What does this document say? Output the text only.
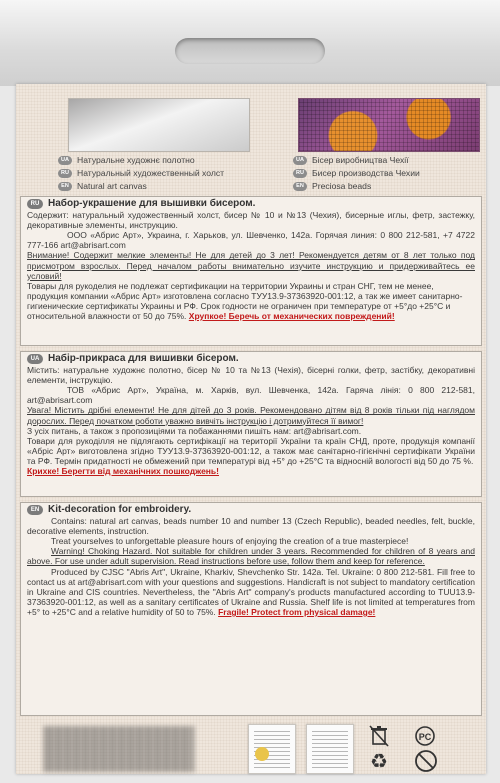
UA Натуральне художнє полотно
RU Натуральный художественный холст
EN Natural art canvas
UA Бісер виробництва Чехії
RU Бисер производства Чехии
EN Preciosa beads
RU Набор-украшение для вышивки бисером.

Содержит: натуральный художественный холст, бисер № 10 и №13 (Чехия), бисерные иглы, фетр, застежку, декоративные элементы, инструкцию.

ООО «Абрис Арт», Украина, г. Харьков, ул. Шевченко, 142а. Горячая линия: 0 800 212-581, +7 4722 777-166 art@abrisart.com

Внимание! Содержит мелкие элементы! Не для детей до 3 лет! Рекомендуется детям от 8 лет только под присмотром взрослых. Перед началом работы внимательно изучите инструкцию и придерживайтесь ее условий!

Товары для рукоделия не подлежат сертификации на территории Украины и стран СНГ, тем не менее, продукция компании «Абрис Арт» изготовлена согласно ТУУ13.9-37363920-001:12, а так же имеет санитарно-гигиенические сертификаты Украины и РФ. Срок годности не ограничен при температуре от +5°до +25°С и относительной влажности от 50 до 75%. Хрупкое! Беречь от механических повреждений!

UA Набір-прикраса для вишивки бісером.

Містить: натуральне художнє полотно, бісер № 10 та №13 (Чехія), бісерні голки, фетр, застібку, декоративні елементи, інструкцію.

ТОВ «Абрис Арт», Україна, м. Харків, вул. Шевченка, 142а. Гаряча лінія: 0 800 212-581, art@abrisart.com

Увага! Містить дрібні елементи! Не для дітей до 3 років. Рекомендовано дітям від 8 років тільки під наглядом дорослих. Перед початком роботи уважно вивчіть інструкцію і дотримуйтеся її вимог!

З усіх питань, а також з пропозиціями та побажаннями пишіть нам: art@abrisart.com.

Товари для рукоділля не підлягають сертифікації на території України та країн СНД, проте, продукція компанії «Абріс Арт» виготовлена згідно ТУУ13.9-37363920-001:12, а також має санітарно-гігієнічні сертифікати України та РФ. Термін придатності не обмежений при температурі від +5° до +25°С та відносній вологості від 50 до 75 %.

Крихке! Берегти від механічних пошкоджень!

EN Kit-decoration for embroidery.

Contains: natural art canvas, beads number 10 and number 13 (Czech Republic), beaded needles, felt, buckle, decorative elements, instruction.

Treat yourselves to unforgettable pleasure hours of enjoying the creation of a true masterpiece!

Warning! Choking Hazard. Not suitable for children under 3 years. Recommended for children of 8 years and above. For use under adult supervision. Read instructions before use, follow them and keep for reference.

Produced by CJSC "Abris Art", Ukraine, Kharkiv, Shevchenko Str. 142a. Tel. Ukraine: 0 800 212-581. Fill free to contact us at art@abrisart.com with your questions and suggestions. Handicraft is not subject to mandatory certification in Ukraine and CIS countries. Nevertheless, the "Abris Art" company's products manufactured according to TUU13.9-37363920-001:12, as well as a sanitary certificates of Ukraine and Russia. Shelf life is not limited at temperatures from +5° to +25°C and a relative humidity of 50 to 75%. Fragile! Protect from physical damage!

♻
PC
